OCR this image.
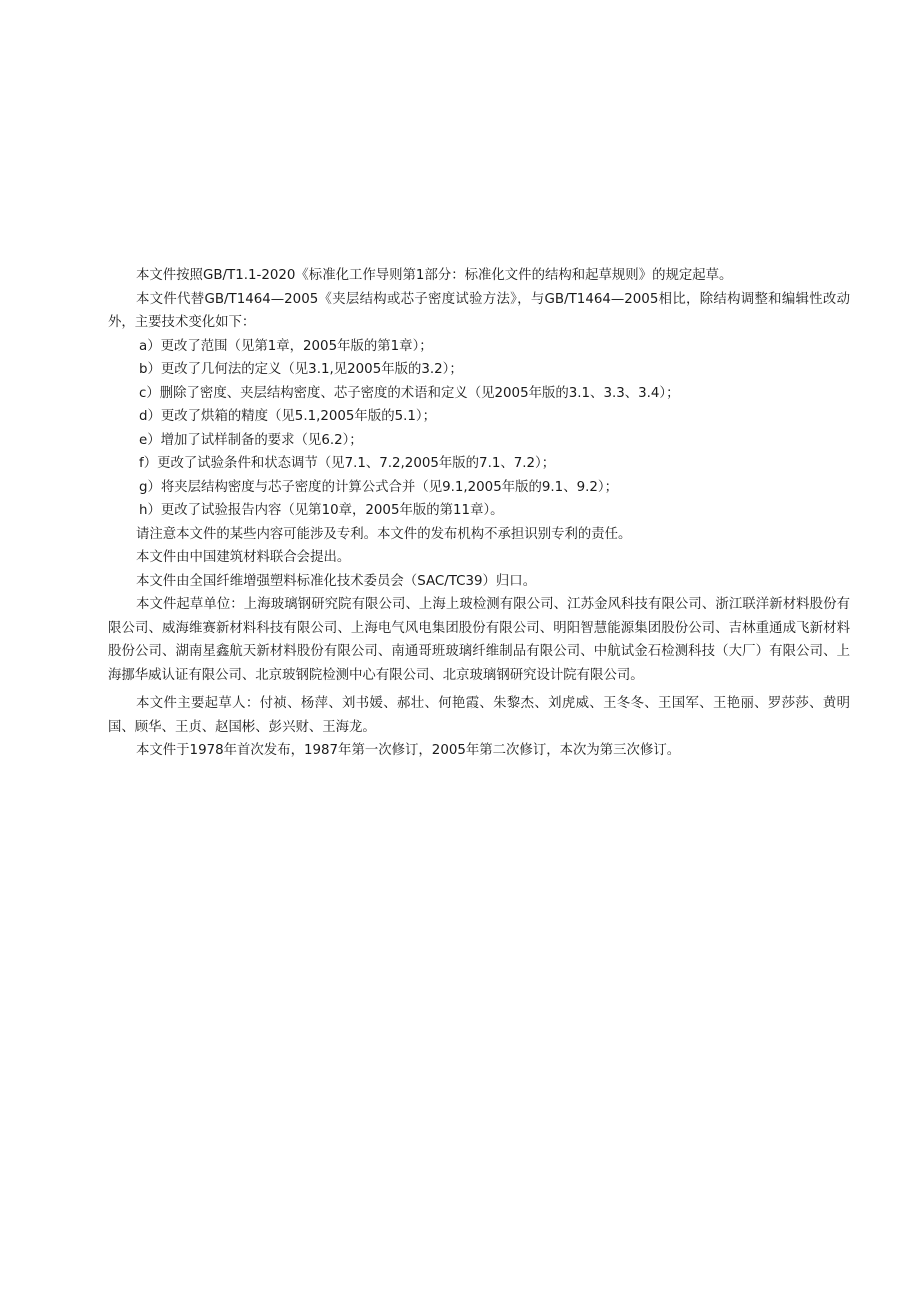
本文件按照GB/T1.1-2020《标准化工作导则第1部分：标准化文件的结构和起草规则》的规定起草。

本文件代替GB/T1464—2005《夹层结构或芯子密度试验方法》，与GB/T1464—2005相比，除结构调整和编辑性改动外，主要技术变化如下：

a）更改了范围（见第1章，2005年版的第1章）；

b）更改了几何法的定义（见3.1,见2005年版的3.2）；

c）删除了密度、夹层结构密度、芯子密度的术语和定义（见2005年版的3.1、3.3、3.4）；

d）更改了烘箱的精度（见5.1,2005年版的5.1）；

e）增加了试样制备的要求（见6.2）；

f）更改了试验条件和状态调节（见7.1、7.2,2005年版的7.1、7.2）；

g）将夹层结构密度与芯子密度的计算公式合并（见9.1,2005年版的9.1、9.2）；

h）更改了试验报告内容（见第10章，2005年版的第11章）。

请注意本文件的某些内容可能涉及专利。本文件的发布机构不承担识别专利的责任。

本文件由中国建筑材料联合会提出。

本文件由全国纤维增强塑料标准化技术委员会（SAC/TC39）归口。

本文件起草单位：上海玻璃钢研究院有限公司、上海上玻检测有限公司、江苏金风科技有限公司、浙江联洋新材料股份有限公司、威海维赛新材料科技有限公司、上海电气风电集团股份有限公司、明阳智慧能源集团股份公司、吉林重通成飞新材料股份公司、湖南星鑫航天新材料股份有限公司、南通哥班玻璃纤维制品有限公司、中航试金石检测科技（大厂）有限公司、上海挪华威认证有限公司、北京玻钢院检测中心有限公司、北京玻璃钢研究设计院有限公司。

本文件主要起草人：付祯、杨萍、刘书媛、郝壮、何艳霞、朱黎杰、刘虎威、王冬冬、王国军、王艳丽、罗莎莎、黄明国、顾华、王贞、赵国彬、彭兴财、王海龙。

本文件于1978年首次发布，1987年第一次修订，2005年第二次修订，本次为第三次修订。
